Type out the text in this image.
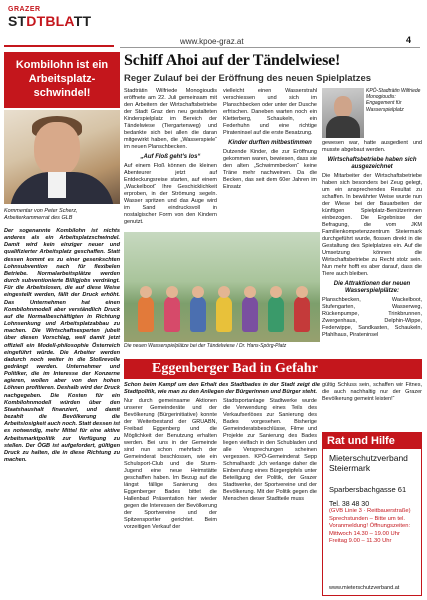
GRAZER
STDTBLATT
www.kpoe-graz.at	4
Kombilohn ist ein Arbeitsplatz-schwindel!
Kommentar von Peter Scherz, Arbeiterkammerrat des GLB
Der sogenannte Kombilohn ist nichts anderes als ein Arbeitsplatzschwindel. Damit wird kein einziger neuer und qualifizierter Arbeitsplatz geschaffen. Statt dessen kommt es zu einer gesenkschten Lohnsubvention nach für flexibelen Betriebe. Normalarbeitsplätze werden durch subventionierte Billigjobs verdrängt. Für die Arbeitslosen, die auf diese Weise eingestellt werden, fällt der Druck erhöht. Das Unternehmen hat einen Kombilohnmodell aber verständlich Druck auf die Normalbeschäftigten in Richtung Lohnsenkung und Arbeitsplatzabbau zu machen. Die Wirtschaftsexperten jubelt über diesen Vorschlag, weil damit jetzt offiziell ein Modell-philosophie Österreich eingeführt würde. Die Arbeiter werden dadurch noch weiter in die Stoßrevolle gedrängt werden. Unternehmer und Politiker, die im Interesse der Konzerne agieren, wollen aber von den hohen Löhnen profitieren. Deshalb wird der Druck nachgegeben. Die Kosten für ein Kombilohnmodell würden über den Staatshaushalt finanziert, und damit bezahlt die Bevölkerung die Arbeitslosigkeit auch noch. Statt dessen ist es notwendig, mehr Mittel für eine aktive Arbeitsmarktpolitik zur Verfügung zu stellen. Der ÖGB ist aufgefordert, gültigen Druck zu halten, die in diese Richtung zu machen.
Schiff Ahoi auf der Tändelwiese!
Reger Zulauf bei der Eröffnung des neuen Spielplatzes
Stadträtin Wilfriede Monogioudis eröffnete am 22. Juli gemeinsam mit den Arbeitern der Wirtschaftsbetriebe der Stadt Graz den neu gestalteten Kinderspielplatz im Bereich der Tändelwiese (Tiergartenweg) und bedankte sich bei allen die daran mitgewirkt haben, die „Wasserspiele“ im neuen Planschbecken.
„Auf Floß geht’s los“
Auf einem Floß können die kleinen Abenteurer jetzt auf Entdeckungsreise starten, auf einem „Wackelboot“ Ihre Geschicklichkeit erproben, in der Strömung segeln. Wasser spritzen und das Auge wird im Sand eindrucksvoll in nostalgischer Form von den Kindern genutzt.
vielleicht einen Wasserstrahl verschiessen und sich im Planschbecken oder unter der Dusche erfrischen. Daneben warten noch ein Kletterberg, Schaukeln, ein Federhuhn und eine richtige Pirateninsel auf die erste Besatzung.
Kinder durften mitbestimmen
Dutzende Kinder, die zur Eröffnung gekommen waren, bewiesen, dass sie den alten „Schwimmbecken“ keine Träne mehr nachweinen. Da die Becken, das seit dem 60er Jahren im Einsatz
KPÖ-Stadträtin Wilfriede Monogioudis: Engagement für Wasserspielplatz
gewesen war, hatte ausgedient und musste abgebaut werden.
Wirtschaftsbetriebe haben sich ausgezeichnet
Die Mitarbeiter der Wirtschaftsbetriebe haben sich besonders bei Zeug gelegt, um ein ansprechendes Resultat zu schaffen. In bewährter Weise wurde nun der Wiese bei der Bauarbeiten der künftigen Spielplatz-Benützerinnen einbezogen. Die Ergebnisse der Befragung, die vom JKM Familienkompetenzzentrum Steiermark durchgeführt wurde, flossen direkt in die Gestaltung des Spielplatzes ein. Auf die Umsetzung können die Wirtschaftsbetriebe zu Recht stolz sein. Nun mehr hofft es aber darauf, dass die Tiere auch bleiben.
Die Attraktionen der neuen Wasserspielplätze:
Planschbecken, Wackelboot, Stufengarten, Wasserweg, Rückenpumpe, Trinkbrunnen, Zwergenhaus, Delphin-Wippe, Federwippe, Sandkasten, Schaukeln, Pfahlhaus, Pirateninsel
Die neuen Wasserspielplätze bei der Tändelwiese / Dr. Hans-Spörg-Platz
Eggenberger Bad in Gefahr
Schon beim Kampf um den Erhalt des Stadtbades in der Stadt zeigt die Stadtpolitik, wie man zu den Anliegen der Bürgerinnen und Bürger steht.
Nur durch gemeinsame Aktionen unserer Gemeinderäte und der Bevölkerung (Bürgerinitiative) konnte der Weiterbestand der GRUABN, Freibad Eggenberg und die Möglichkeit der Benutzung erhalten werden. Bei uns in der Gemeinde sind nun schon mehrfach der Gemeinderat beschlossen, wie ein Schulsport-Club und die Sturm-Jugend eine neue Heimstätte geschaffen haben. Im Bezug auf die längst fällige Sanierung des Eggenberger Bades bittet die Hallenbad Präsentation hier wieder gegen die Interessen der Bevölkerung der Sportvereine und der Spitzensportler gerichtet. Beim vorzeitigen Verkauf der
Stadtsportanlage Stadtwerke wurde die Verwendung eines Teils des Verkaufserlöses zur Sanierung des Bades vorgesehen. Bisherige Gemeinderatsbeschlüsse, Filme und Projekte zur Sanierung des Bades liegen vielfach in den Schubladen und alle Versprechungen scheinen vergessen. KPÖ-Gemeinderat Sepp Schmalhardt: „Ich verlange daher die Einberufung eines Bürgergipfels unter Beteiligung der Politik, der Grazer Stadtwerke, der Sportvereine und der Bevölkerung. Mit der Politik gegen die Menschen dieser Stadtteile muss
gültig Schluss sein, schaffen wir Fitnes, die auch nachhaltig nur der Grazer Bevölkerung gemeint leisten!“
Rat und Hilfe
Mieterschutzverband Steiermark
Sparbersbachgasse 61
Tel. 38 48 30
(GVB Linie 3 · Reitbauerstraße) Sprechstunden – Bitte um tel. Voranmeldung! Öffnungszeiten: Mittwoch 14.30 – 19.00 Uhr Freitag 9.00 – 11.30 Uhr
www.mieterschutzverband.at
